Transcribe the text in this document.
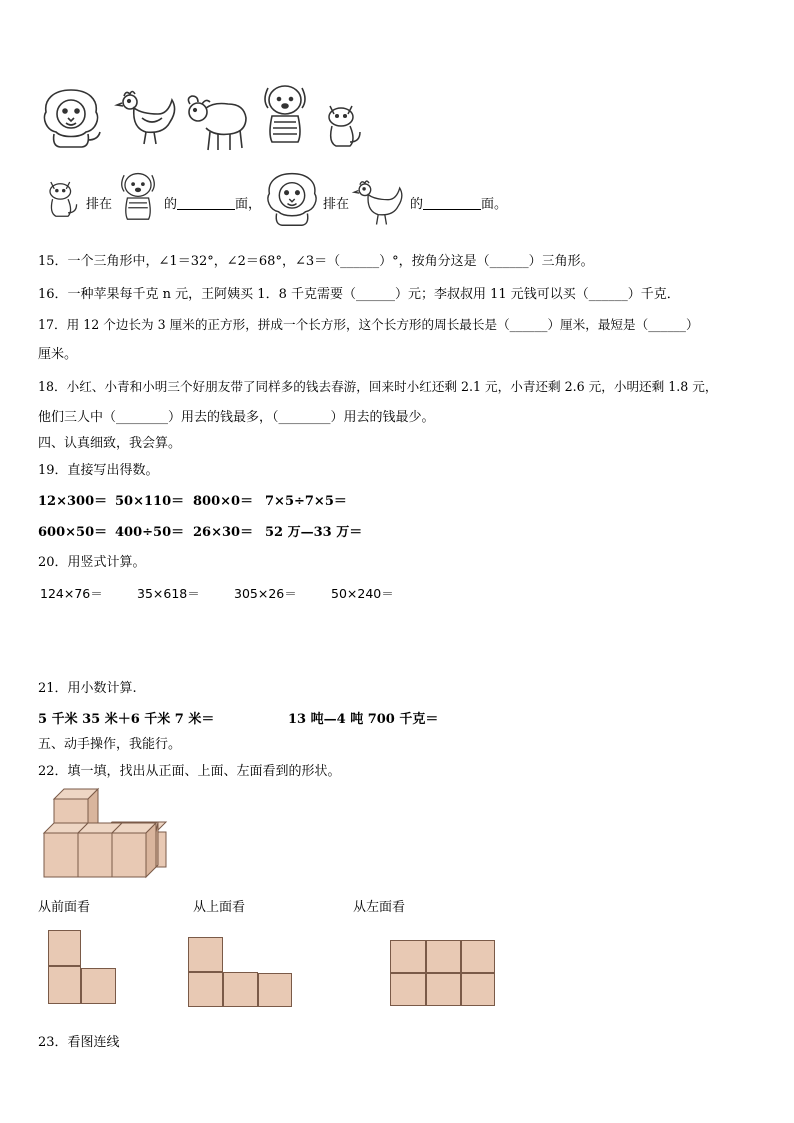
排在	的	面，	排在	的	面。
15．一个三角形中，∠1＝32°，∠2＝68°，∠3＝（______）°，按角分这是（______）三角形。
16．一种苹果每千克 n 元，王阿姨买 1．8 千克需要（______）元；李叔叔用 11 元钱可以买（______）千克．
17．用 12 个边长为 3 厘米的正方形，拼成一个长方形，这个长方形的周长最长是（______）厘米，最短是（______）
厘米。
18．小红、小青和小明三个好朋友带了同样多的钱去春游，回来时小红还剩 2.1 元，小青还剩 2.6 元，小明还剩 1.8 元，
他们三人中（________）用去的钱最多，（________）用去的钱最少。
四、认真细致，我会算。
19．直接写出得数。
12×300＝ 50×110＝ 800×0＝ 7×5÷7×5＝
600×50＝ 400÷50＝ 26×30＝ 52 万—33 万＝
20．用竖式计算。
124×76＝	35×618＝	305×26＝	50×240＝
21．用小数计算.
5 千米 35 米＋6 千米 7 米＝	13 吨—4 吨 700 千克＝
五、动手操作，我能行。
22．填一填，找出从正面、上面、左面看到的形状。
从前面看	从上面看	从左面看
23．看图连线
